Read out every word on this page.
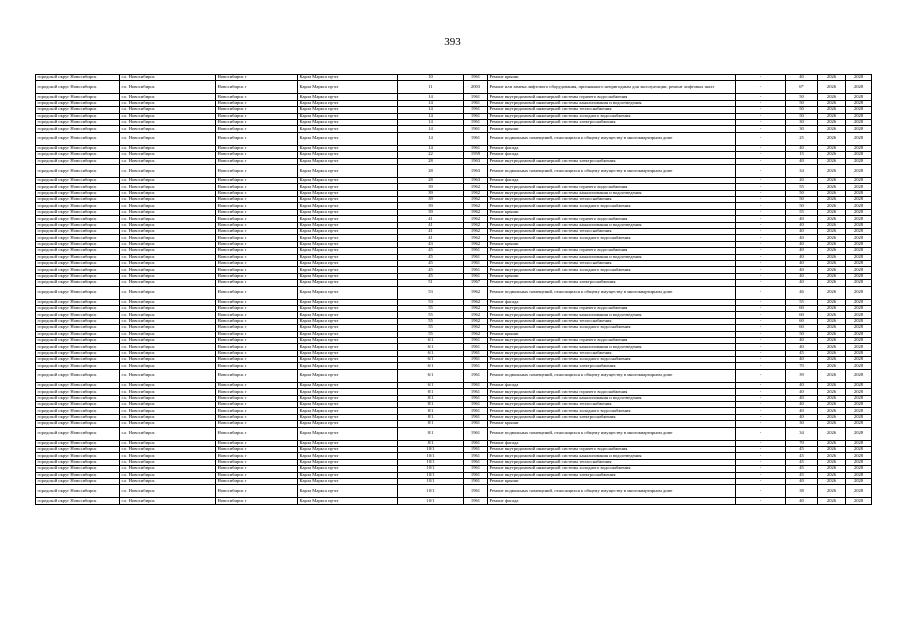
393
городской округ Новосибирск	г.о. Новосибирск	Новосибирск г	Карла Маркса пр-кт	10	1961	Ремонт крыши	-	40	2026	2028
городской округ Новосибирск	г.о. Новосибирск	Новосибирск г	Карла Маркса пр-кт	11	2003	Ремонт или замена лифтового оборудования, признанного непригодным для эксплуатации, ремонт лифтовых шахт	-	6*	2026	2028
городской округ Новосибирск	г.о. Новосибирск	Новосибирск г	Карла Маркса пр-кт	14	1961	Ремонт внутридомовой инженерной системы горячего водоснабжения	-	50	2026	2028
городской округ Новосибирск	г.о. Новосибирск	Новосибирск г	Карла Маркса пр-кт	14	1961	Ремонт внутридомовой инженерной системы канализования и водоотведения	-	50	2026	2028
городской округ Новосибирск	г.о. Новосибирск	Новосибирск г	Карла Маркса пр-кт	14	1961	Ремонт внутридомовой инженерной системы теплоснабжения	-	50	2026	2028
городской округ Новосибирск	г.о. Новосибирск	Новосибирск г	Карла Маркса пр-кт	14	1961	Ремонт внутридомовой инженерной системы холодного водоснабжения	-	50	2026	2028
городской округ Новосибирск	г.о. Новосибирск	Новосибирск г	Карла Маркса пр-кт	14	1961	Ремонт внутридомовой инженерной системы электроснабжения	-	30	2026	2028
городской округ Новосибирск	г.о. Новосибирск	Новосибирск г	Карла Маркса пр-кт	14	1961	Ремонт крыши	-	30	2026	2028
городской округ Новосибирск	г.о. Новосибирск	Новосибирск г	Карла Маркса пр-кт	14	1961	Ремонт подвальных помещений, относящихся к общему имуществу в многоквартирном доме	-	25	2026	2028
городской округ Новосибирск	г.о. Новосибирск	Новосибирск г	Карла Маркса пр-кт	14	1961	Ремонт фасада	-	40	2026	2028
городской округ Новосибирск	г.о. Новосибирск	Новосибирск г	Карла Маркса пр-кт	22	1959	Ремонт фасада	-	15	2026	2028
городской округ Новосибирск	г.о. Новосибирск	Новосибирск г	Карла Маркса пр-кт	28	1963	Ремонт внутридомовой инженерной системы электроснабжения	-	40	2026	2028
городской округ Новосибирск	г.о. Новосибирск	Новосибирск г	Карла Маркса пр-кт	28	1963	Ремонт подвальных помещений, относящихся к общему имуществу в многоквартирном доме	-	34	2026	2028
городской округ Новосибирск	г.о. Новосибирск	Новосибирск г	Карла Маркса пр-кт	28	1963	Ремонт фасада	-	20	2026	2028
городской округ Новосибирск	г.о. Новосибирск	Новосибирск г	Карла Маркса пр-кт	39	1962	Ремонт внутридомовой инженерной системы горячего водоснабжения	-	55	2026	2028
городской округ Новосибирск	г.о. Новосибирск	Новосибирск г	Карла Маркса пр-кт	39	1962	Ремонт внутридомовой инженерной системы канализования и водоотведения	-	50	2026	2028
городской округ Новосибирск	г.о. Новосибирск	Новосибирск г	Карла Маркса пр-кт	39	1962	Ремонт внутридомовой инженерной системы теплоснабжения	-	50	2026	2028
городской округ Новосибирск	г.о. Новосибирск	Новосибирск г	Карла Маркса пр-кт	39	1962	Ремонт внутридомовой инженерной системы холодного водоснабжения	-	50	2026	2028
городской округ Новосибирск	г.о. Новосибирск	Новосибирск г	Карла Маркса пр-кт	39	1962	Ремонт крыши	-	55	2026	2028
городской округ Новосибирск	г.о. Новосибирск	Новосибирск г	Карла Маркса пр-кт	41	1962	Ремонт внутридомовой инженерной системы горячего водоснабжения	-	40	2026	2028
городской округ Новосибирск	г.о. Новосибирск	Новосибирск г	Карла Маркса пр-кт	41	1962	Ремонт внутридомовой инженерной системы канализования и водоотведения	-	40	2026	2028
городской округ Новосибирск	г.о. Новосибирск	Новосибирск г	Карла Маркса пр-кт	41	1962	Ремонт внутридомовой инженерной системы теплоснабжения	-	40	2026	2028
городской округ Новосибирск	г.о. Новосибирск	Новосибирск г	Карла Маркса пр-кт	41	1962	Ремонт внутридомовой инженерной системы холодного водоснабжения	-	40	2026	2028
городской округ Новосибирск	г.о. Новосибирск	Новосибирск г	Карла Маркса пр-кт	43	1962	Ремонт крыши	-	40	2026	2028
городской округ Новосибирск	г.о. Новосибирск	Новосибирск г	Карла Маркса пр-кт	45	1961	Ремонт внутридомовой инженерной системы горячего водоснабжения	-	40	2026	2028
городской округ Новосибирск	г.о. Новосибирск	Новосибирск г	Карла Маркса пр-кт	45	1961	Ремонт внутридомовой инженерной системы канализования и водоотведения	-	40	2026	2028
городской округ Новосибирск	г.о. Новосибирск	Новосибирск г	Карла Маркса пр-кт	45	1961	Ремонт внутридомовой инженерной системы теплоснабжения	-	40	2026	2028
городской округ Новосибирск	г.о. Новосибирск	Новосибирск г	Карла Маркса пр-кт	45	1961	Ремонт внутридомовой инженерной системы холодного водоснабжения	-	40	2026	2028
городской округ Новосибирск	г.о. Новосибирск	Новосибирск г	Карла Маркса пр-кт	45	1961	Ремонт крыши	-	40	2026	2028
городской округ Новосибирск	г.о. Новосибирск	Новосибирск г	Карла Маркса пр-кт	51	1967	Ремонт внутридомовой инженерной системы электроснабжения	-	40	2026	2028
городской округ Новосибирск	г.о. Новосибирск	Новосибирск г	Карла Маркса пр-кт	53	1962	Ремонт подвальных помещений, относящихся к общему имуществу в многоквартирном доме	-	46	2026	2028
городской округ Новосибирск	г.о. Новосибирск	Новосибирск г	Карла Маркса пр-кт	53	1962	Ремонт фасада	-	55	2026	2028
городской округ Новосибирск	г.о. Новосибирск	Новосибирск г	Карла Маркса пр-кт	55	1962	Ремонт внутридомовой инженерной системы горячего водоснабжения	-	60	2026	2028
городской округ Новосибирск	г.о. Новосибирск	Новосибирск г	Карла Маркса пр-кт	55	1962	Ремонт внутридомовой инженерной системы канализования и водоотведения	-	60	2026	2028
городской округ Новосибирск	г.о. Новосибирск	Новосибирск г	Карла Маркса пр-кт	55	1962	Ремонт внутридомовой инженерной системы теплоснабжения	-	60	2026	2028
городской округ Новосибирск	г.о. Новосибирск	Новосибирск г	Карла Маркса пр-кт	55	1962	Ремонт внутридомовой инженерной системы холодного водоснабжения	-	60	2026	2028
городской округ Новосибирск	г.о. Новосибирск	Новосибирск г	Карла Маркса пр-кт	55	1962	Ремонт крыши	-	50	2026	2028
городской округ Новосибирск	г.о. Новосибирск	Новосибирск г	Карла Маркса пр-кт	6/1	1961	Ремонт внутридомовой инженерной системы горячего водоснабжения	-	40	2026	2028
городской округ Новосибирск	г.о. Новосибирск	Новосибирск г	Карла Маркса пр-кт	6/1	1961	Ремонт внутридомовой инженерной системы канализования и водоотведения	-	40	2026	2028
городской округ Новосибирск	г.о. Новосибирск	Новосибирск г	Карла Маркса пр-кт	6/1	1961	Ремонт внутридомовой инженерной системы теплоснабжения	-	45	2026	2028
городской округ Новосибирск	г.о. Новосибирск	Новосибирск г	Карла Маркса пр-кт	6/1	1961	Ремонт внутридомовой инженерной системы холодного водоснабжения	-	40	2026	2028
городской округ Новосибирск	г.о. Новосибирск	Новосибирск г	Карла Маркса пр-кт	6/1	1961	Ремонт внутридомовой инженерной системы электроснабжения	-	70	2026	2028
городской округ Новосибирск	г.о. Новосибирск	Новосибирск г	Карла Маркса пр-кт	6/1	1961	Ремонт подвальных помещений, относящихся к общему имуществу в многоквартирном доме	-	39	2026	2028
городской округ Новосибирск	г.о. Новосибирск	Новосибирск г	Карла Маркса пр-кт	6/1	1961	Ремонт фасада	-	40	2026	2028
городской округ Новосибирск	г.о. Новосибирск	Новосибирск г	Карла Маркса пр-кт	8/1	1961	Ремонт внутридомовой инженерной системы горячего водоснабжения	-	40	2026	2028
городской округ Новосибирск	г.о. Новосибирск	Новосибирск г	Карла Маркса пр-кт	8/1	1961	Ремонт внутридомовой инженерной системы канализования и водоотведения	-	40	2026	2028
городской округ Новосибирск	г.о. Новосибирск	Новосибирск г	Карла Маркса пр-кт	8/1	1961	Ремонт внутридомовой инженерной системы теплоснабжения	-	40	2026	2028
городской округ Новосибирск	г.о. Новосибирск	Новосибирск г	Карла Маркса пр-кт	8/1	1961	Ремонт внутридомовой инженерной системы холодного водоснабжения	-	40	2026	2028
городской округ Новосибирск	г.о. Новосибирск	Новосибирск г	Карла Маркса пр-кт	8/1	1961	Ремонт внутридомовой инженерной системы электроснабжения	-	40	2026	2028
городской округ Новосибирск	г.о. Новосибирск	Новосибирск г	Карла Маркса пр-кт	8/1	1961	Ремонт крыши	-	30	2026	2028
городской округ Новосибирск	г.о. Новосибирск	Новосибирск г	Карла Маркса пр-кт	8/1	1961	Ремонт подвальных помещений, относящихся к общему имуществу в многоквартирном доме	-	34	2026	2028
городской округ Новосибирск	г.о. Новосибирск	Новосибирск г	Карла Маркса пр-кт	8/1	1961	Ремонт фасада	-	70	2026	2028
городской округ Новосибирск	г.о. Новосибирск	Новосибирск г	Карла Маркса пр-кт	10/1	1961	Ремонт внутридомовой инженерной системы горячего водоснабжения	-	45	2026	2028
городской округ Новосибирск	г.о. Новосибирск	Новосибирск г	Карла Маркса пр-кт	10/1	1961	Ремонт внутридомовой инженерной системы канализования и водоотведения	-	45	2026	2028
городской округ Новосибирск	г.о. Новосибирск	Новосибирск г	Карла Маркса пр-кт	10/1	1961	Ремонт внутридомовой инженерной системы теплоснабжения	-	45	2026	2028
городской округ Новосибирск	г.о. Новосибирск	Новосибирск г	Карла Маркса пр-кт	10/1	1961	Ремонт внутридомовой инженерной системы холодного водоснабжения	-	45	2026	2028
городской округ Новосибирск	г.о. Новосибирск	Новосибирск г	Карла Маркса пр-кт	10/1	1961	Ремонт внутридомовой инженерной системы электроснабжения	-	45	2026	2028
городской округ Новосибирск	г.о. Новосибирск	Новосибирск г	Карла Маркса пр-кт	10/1	1961	Ремонт крыши	-	40	2026	2028
городской округ Новосибирск	г.о. Новосибирск	Новосибирск г	Карла Маркса пр-кт	10/1	1961	Ремонт подвальных помещений, относящихся к общему имуществу в многоквартирном доме	-	38	2026	2028
городской округ Новосибирск	г.о. Новосибирск	Новосибирск г	Карла Маркса пр-кт	10/1	1961	Ремонт фасада	-	40	2026	2028
